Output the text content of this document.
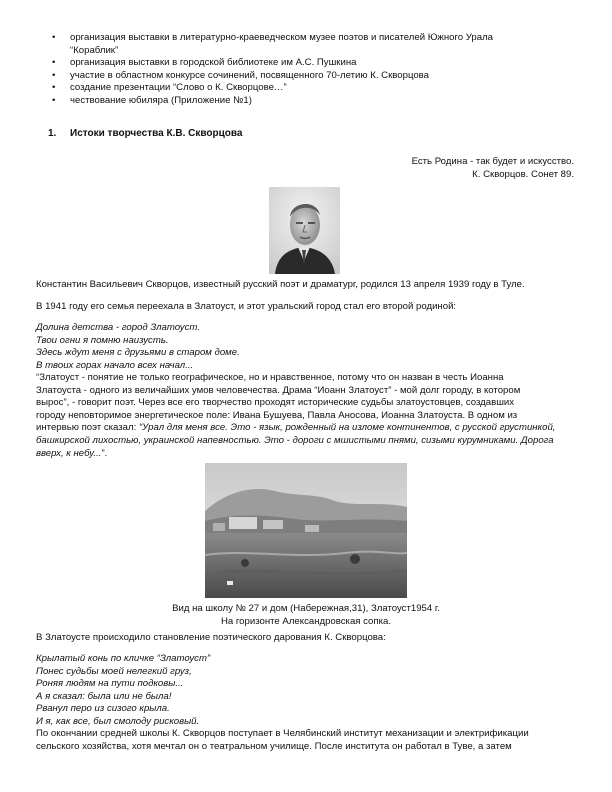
• организация выставки в литературно-краеведческом музее поэтов и писателей Южного Урала
“Кораблик”
• организация выставки в городской библиотеке им А.С. Пушкина
• участие в областном конкурсе сочинений, посвященного 70-летию К. Скворцова
• создание презентации “Слово о К. Скворцове…”
• чествование юбиляра (Приложение №1)
1. Истоки творчества К.В. Скворцова
Есть Родина - так будет и искусство.
К. Скворцов. Сонет 89.
Константин Васильевич Скворцов, известный русский поэт и драматург, родился 13 апреля 1939 году в Туле.
В 1941 году его семья переехала в Златоуст, и этот уральский город стал его второй родиной:
Долина детства - город Златоуст.
Твои огни я помню наизусть.
Здесь ждут меня с друзьями в старом доме.
В твоих горах начало всех начал...
“Златоуст - понятие не только географическое, но и нравственное, потому что он назван в честь Иоанна
Златоуста - одного из величайших умов человечества. Драма “Иоанн Златоуст” - мой долг городу, в котором
вырос”, - говорит поэт. Через все его творчество проходят исторические судьбы златоустовцев, создавших
городу неповторимое энергетическое поле: Ивана Бушуева, Павла Аносова, Иоанна Златоуста. В одном из
интервью поэт сказал: “Урал для меня все. Это - язык, рожденный на изломе континентов, с русской грустинкой,
башкирской лихостью, украинской напевностью. Это - дороги с мшистыми пнями, сизыми курумниками. Дорога
вверх, к небу...”.
Вид на школу № 27 и дом (Набережная,31), Златоуст1954 г.
На горизонте Александровская сопка.
В Златоусте происходило становление поэтического дарования К. Скворцова:
Крылатый конь по кличке “Златоуст”
Понес судьбы моей нелегкий груз,
Роняя людям на пути подковы...
А я сказал: была или не была!
Рванул перо из сизого крыла.
И я, как все, был смолоду рисковый.
По окончании средней школы К. Скворцов поступает в Челябинский институт механизации и электрификации
сельского хозяйства, хотя мечтал он о театральном училище. После института он работал в Туве, а затем
